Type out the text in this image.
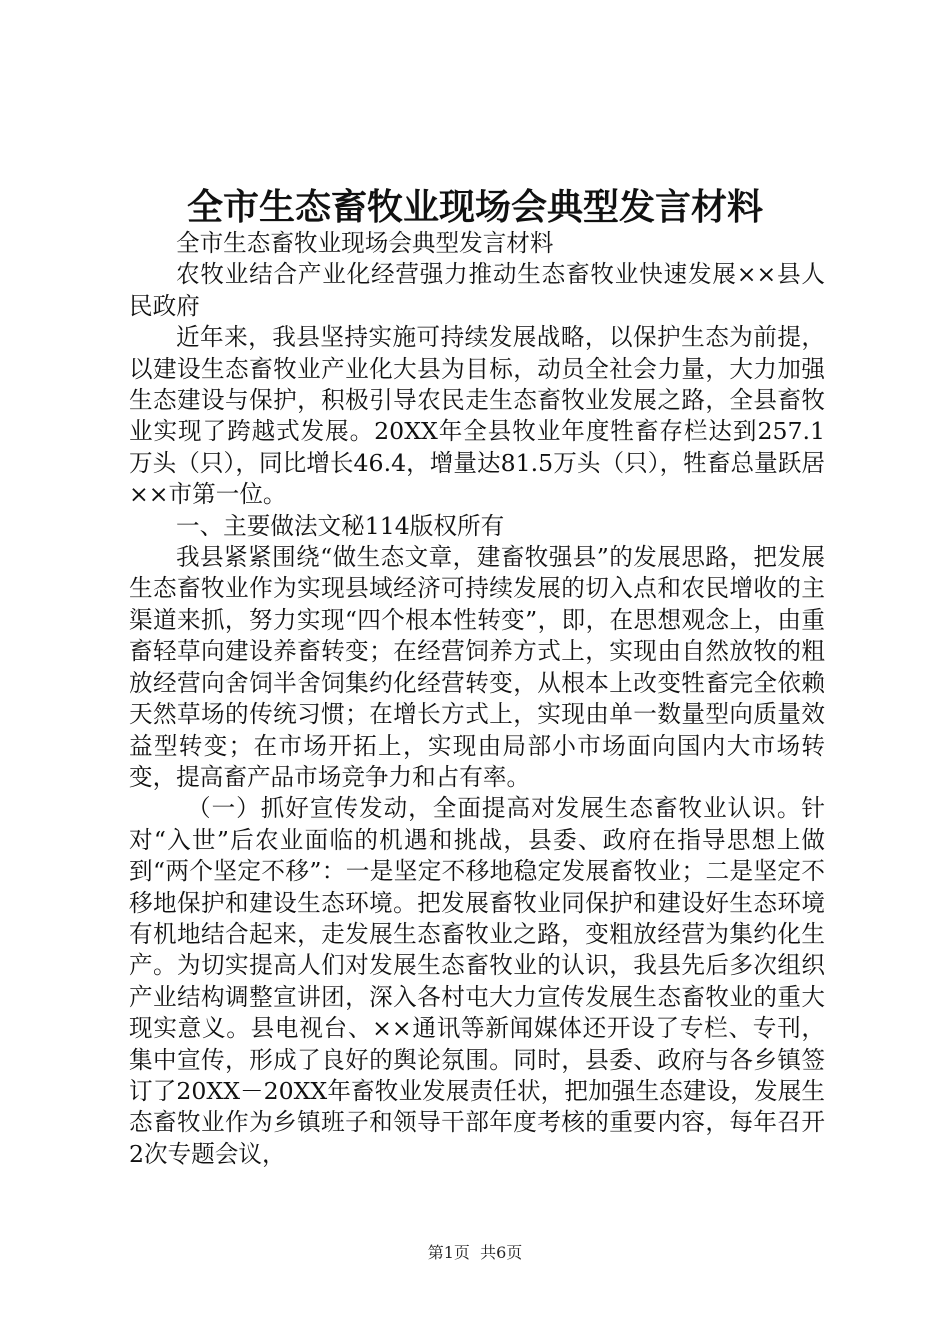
全市生态畜牧业现场会典型发言材料

全市生态畜牧业现场会典型发言材料

农牧业结合产业化经营强力推动生态畜牧业快速发展××县人民政府

近年来，我县坚持实施可持续发展战略，以保护生态为前提，以建设生态畜牧业产业化大县为目标，动员全社会力量，大力加强生态建设与保护，积极引导农民走生态畜牧业发展之路，全县畜牧业实现了跨越式发展。20XX年全县牧业年度牲畜存栏达到257.1万头（只），同比增长46.4，增量达81.5万头（只），牲畜总量跃居××市第一位。

一、主要做法文秘114版权所有

我县紧紧围绕“做生态文章，建畜牧强县”的发展思路，把发展生态畜牧业作为实现县域经济可持续发展的切入点和农民增收的主渠道来抓，努力实现“四个根本性转变”，即，在思想观念上，由重畜轻草向建设养畜转变；在经营饲养方式上，实现由自然放牧的粗放经营向舍饲半舍饲集约化经营转变，从根本上改变牲畜完全依赖天然草场的传统习惯；在增长方式上，实现由单一数量型向质量效益型转变；在市场开拓上，实现由局部小市场面向国内大市场转变，提高畜产品市场竞争力和占有率。

（一）抓好宣传发动，全面提高对发展生态畜牧业认识。针对“入世”后农业面临的机遇和挑战，县委、政府在指导思想上做到“两个坚定不移”：一是坚定不移地稳定发展畜牧业；二是坚定不移地保护和建设生态环境。把发展畜牧业同保护和建设好生态环境有机地结合起来，走发展生态畜牧业之路，变粗放经营为集约化生产。为切实提高人们对发展生态畜牧业的认识，我县先后多次组织产业结构调整宣讲团，深入各村屯大力宣传发展生态畜牧业的重大现实意义。县电视台、××通讯等新闻媒体还开设了专栏、专刊，集中宣传，形成了良好的舆论氛围。同时，县委、政府与各乡镇签订了20XX－20XX年畜牧业发展责任状，把加强生态建设，发展生态畜牧业作为乡镇班子和领导干部年度考核的重要内容，每年召开2次专题会议，

第1页 共6页
